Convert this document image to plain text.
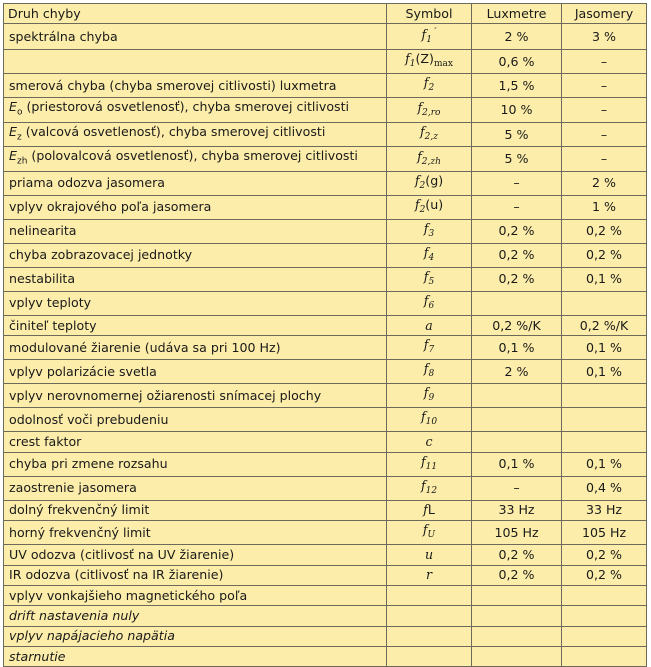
Druh chyby	Symbol	Luxmetre	Jasomery
spektrálna chyba	$f_1^´$	2 %	3 %
	$f_1(Z)_{max}$	0,6 %	–
smerová chyba (chyba smerovej citlivosti) luxmetra	$f_2$	1,5 %	–
$E_o$ (priestorová osvetlenosť), chyba smerovej citlivosti	$f_{2,ro}$	10 %	–
$E_z$ (valcová osvetlenosť), chyba smerovej citlivosti	$f_{2,z}$	5 %	–
$E_{zh}$ (polovalcová osvetlenosť), chyba smerovej citlivosti	$f_{2,zh}$	5 %	–
priama odozva jasomera	$f_2(g)$	–	2 %
vplyv okrajového poľa jasomera	$f_2(u)$	–	1 %
nelinearita	$f_3$	0,2 %	0,2 %
chyba zobrazovacej jednotky	$f_4$	0,2 %	0,2 %
nestabilita	$f_5$	0,2 %	0,1 %
vplyv teploty	$f_6$		
činiteľ teploty	a	0,2 %/K	0,2 %/K
modulované žiarenie (udáva sa pri 100 Hz)	$f_7$	0,1 %	0,1 %
vplyv polarizácie svetla	$f_8$	2 %	0,1 %
vplyv nerovnomernej ožiarenosti snímacej plochy	$f_9$		
odolnosť voči prebudeniu	$f_{10}$		
crest faktor	c		
chyba pri zmene rozsahu	$f_{11}$	0,1 %	0,1 %
zaostrenie jasomera	$f_{12}$	–	0,4 %
dolný frekvenčný limit	fL	33 Hz	33 Hz
horný frekvenčný limit	$f_U$	105 Hz	105 Hz
UV odozva (citlivosť na UV žiarenie)	u	0,2 %	0,2 %
IR odozva (citlivosť na IR žiarenie)	r	0,2 %	0,2 %
vplyv vonkajšieho magnetického poľa			
drift nastavenia nuly			
vplyv napájacieho napätia			
starnutie			
